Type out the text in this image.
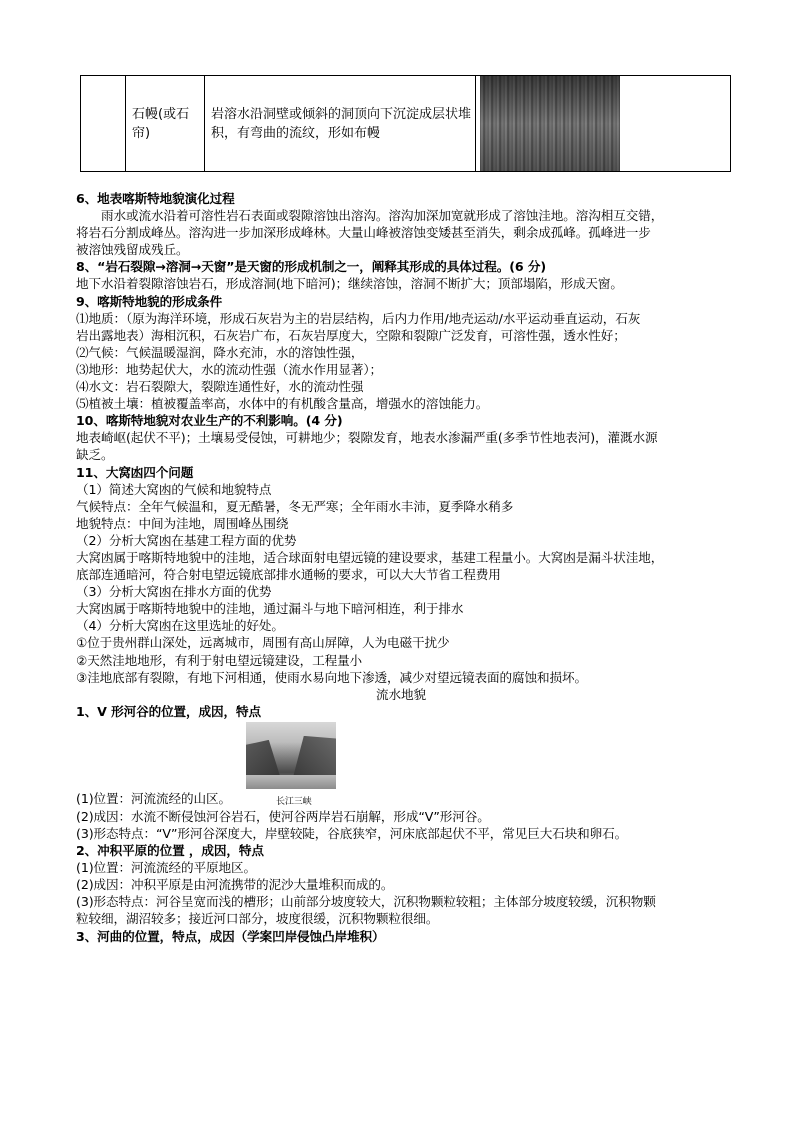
	石幔(或石帘)	岩溶水沿洞壁或倾斜的洞顶向下沉淀成层状堆积，有弯曲的流纹，形如布幔	
6、地表喀斯特地貌演化过程
雨水或流水沿着可溶性岩石表面或裂隙溶蚀出溶沟。溶沟加深加宽就形成了溶蚀洼地。溶沟相互交错，
将岩石分割成峰丛。溶沟进一步加深形成峰林。大量山峰被溶蚀变矮甚至消失，剩余成孤峰。孤峰进一步
被溶蚀残留成残丘。
8、“岩石裂隙→溶洞→天窗”是天窗的形成机制之一，阐释其形成的具体过程。(6 分)
地下水沿着裂隙溶蚀岩石，形成溶洞(地下暗河)；继续溶蚀，溶洞不断扩大；顶部塌陷，形成天窗。
9、喀斯特地貌的形成条件
⑴地质：（原为海洋环境，形成石灰岩为主的岩层结构，后内力作用/地壳运动/水平运动垂直运动，石灰
岩出露地表）海相沉积，石灰岩广布，石灰岩厚度大，空隙和裂隙广泛发育，可溶性强，透水性好；
⑵气候：气候温暖湿润，降水充沛，水的溶蚀性强，
⑶地形：地势起伏大，水的流动性强（流水作用显著）；
⑷水文：岩石裂隙大，裂隙连通性好，水的流动性强
⑸植被土壤：植被覆盖率高，水体中的有机酸含量高，增强水的溶蚀能力。
10、喀斯特地貌对农业生产的不利影响。(4 分)
地表崎岖(起伏不平)；土壤易受侵蚀，可耕地少；裂隙发育，地表水渗漏严重(多季节性地表河)，灌溉水源
缺乏。
11、大窝凼四个问题
（1）简述大窝凼的气候和地貌特点
气候特点：全年气候温和，夏无酷暑，冬无严寒；全年雨水丰沛，夏季降水稍多
地貌特点：中间为洼地，周围峰丛围绕
（2）分析大窝凼在基建工程方面的优势
大窝凼属于喀斯特地貌中的洼地，适合球面射电望远镜的建设要求，基建工程量小。大窝凼是漏斗状洼地，
底部连通暗河，符合射电望远镜底部排水通畅的要求，可以大大节省工程费用
（3）分析大窝凼在排水方面的优势
大窝凼属于喀斯特地貌中的洼地，通过漏斗与地下暗河相连，利于排水
（4）分析大窝凼在这里选址的好处。
①位于贵州群山深处，远离城市，周围有高山屏障，人为电磁干扰少
②天然洼地地形，有利于射电望远镜建设，工程量小
③洼地底部有裂隙，有地下河相通，使雨水易向地下渗透，减少对望远镜表面的腐蚀和损坏。
流水地貌
1、V 形河谷的位置，成因，特点
(1)位置：河流流经的山区。	长江三峡
(2)成因：水流不断侵蚀河谷岩石，使河谷两岸岩石崩解，形成“V”形河谷。
(3)形态特点：“V”形河谷深度大，岸壁较陡，谷底狭窄，河床底部起伏不平，常见巨大石块和卵石。
2、冲积平原的位置 ，成因，特点
(1)位置：河流流经的平原地区。
(2)成因：冲积平原是由河流携带的泥沙大量堆积而成的。
(3)形态特点：河谷呈宽而浅的槽形；山前部分坡度较大，沉积物颗粒较粗；主体部分坡度较缓，沉积物颗
粒较细，湖沼较多；接近河口部分，坡度很缓，沉积物颗粒很细。
3、河曲的位置，特点，成因（学案凹岸侵蚀凸岸堆积）
